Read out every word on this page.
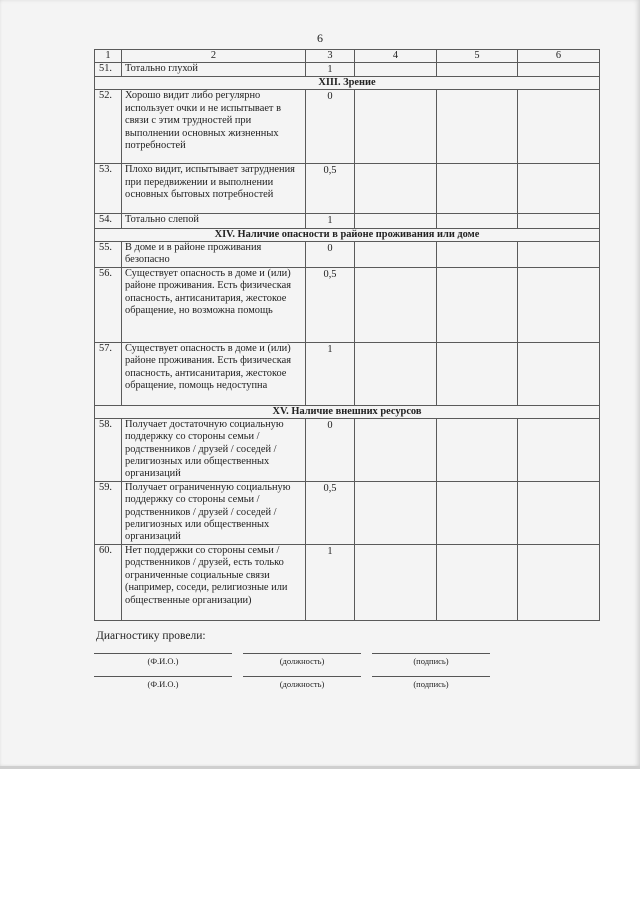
6
1	2	3	4	5	6
51.	Тотально глухой	1			
XIII. Зрение					
52.	Хорошо видит либо регулярно использует очки и не испытывает в связи с этим трудностей при выполнении основных жизненных потребностей	0			
53.	Плохо видит, испытывает затруднения при передвижении и выполнении основных бытовых потребностей	0,5			
54.	Тотально слепой	1			
XIV. Наличие опасности в районе проживания или доме					
55.	В доме и в районе проживания безопасно	0			
56.	Существует опасность в доме и (или) районе проживания. Есть физическая опасность, антисанитария, жестокое обращение, но возможна помощь	0,5			
57.	Существует опасность в доме и (или) районе проживания. Есть физическая опасность, антисанитария, жестокое обращение, помощь недоступна	1			
XV. Наличие внешних ресурсов					
58.	Получает достаточную социальную поддержку со стороны семьи / родственников / друзей / соседей / религиозных или общественных организаций	0			
59.	Получает ограниченную социальную поддержку со стороны семьи / родственников / друзей / соседей / религиозных или общественных организаций	0,5			
60.	Нет поддержки со стороны семьи / родственников / друзей, есть только ограниченные социальные связи (например, соседи, религиозные или общественные организации)	1			
Диагностику провели:
(Ф.И.О.)	(должность)	(подпись)
(Ф.И.О.)	(должность)	(подпись)
